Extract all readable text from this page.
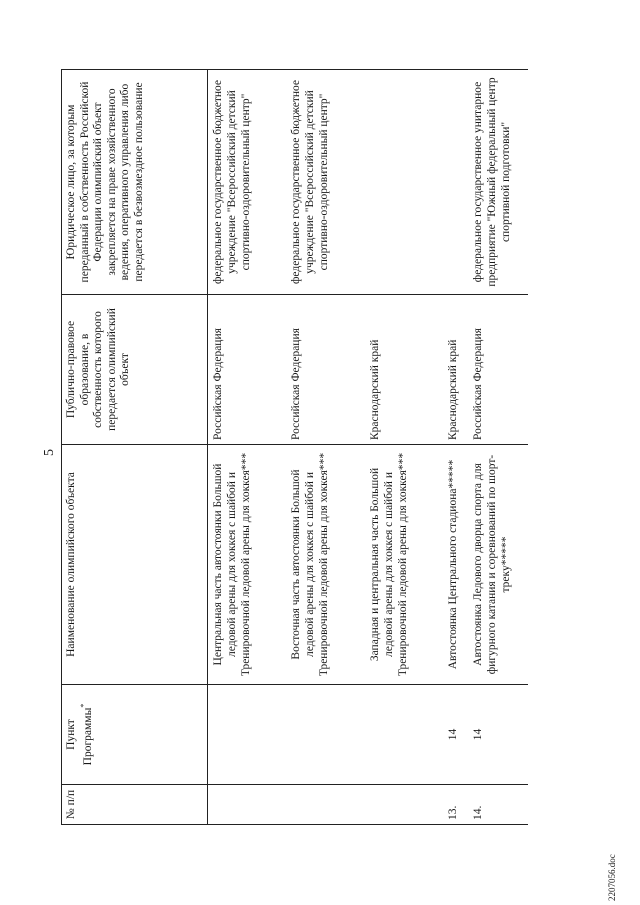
5
№ п/п	Пункт Программы*	Наименование олимпийского объекта	Публично-правовое образование, в собственность которого передается олимпийский объект	Юридическое лицо, за которым переданный в собственность Российской Федерации олимпийский объект закрепляется на праве хозяйственного ведения, оперативного управления либо передается в безвозмездное пользование
		Центральная часть автостоянки Большой ледовой арены для хоккея с шайбой и Тренировочной ледовой арены для хоккея***	Российская Федерация	федеральное государственное бюджетное учреждение "Всероссийский детский спортивно-оздоровительный центр"
		Восточная часть автостоянки Большой ледовой арены для хоккея с шайбой и Тренировочной ледовой арены для хоккея***	Российская Федерация	федеральное государственное бюджетное учреждение "Всероссийский детский спортивно-оздоровительный центр"
		Западная и центральная часть Большой ледовой арены для хоккея с шайбой и Тренировочной ледовой арены для хоккея***	Краснодарский край	
13.	14	Автостоянка Центрального стадиона*****	Краснодарский край	
14.	14	Автостоянка Ледового дворца спорта для фигурного катания и соревнований по шорт-треку*****	Российская Федерация	федеральное государственное унитарное предприятие "Южный федеральный центр спортивной подготовки"
2207056.doc
